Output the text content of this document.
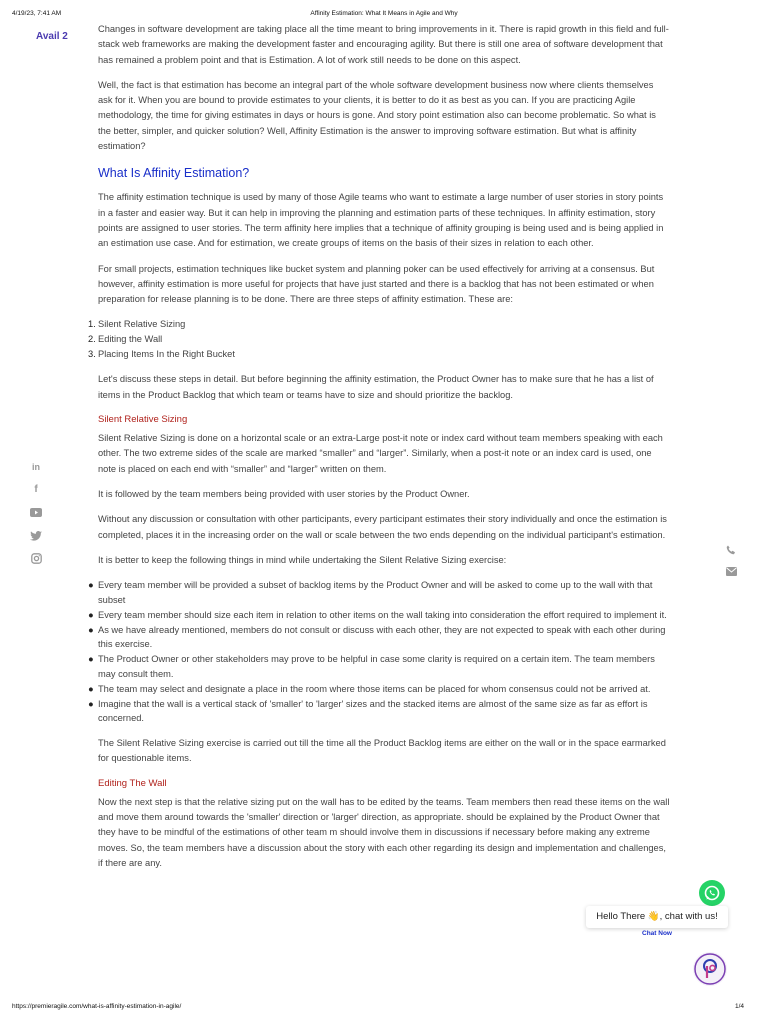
4/19/23, 7:41 AM	Affinity Estimation: What It Means in Agile and Why
Avail 2

Changes in software development are taking place all the time meant to bring improvements in it. There is rapid growth in this field and full-stack web frameworks are making the development faster and encouraging agility. But there is still one area of software development that has remained a problem point and that is Estimation. A lot of work still needs to be done on this aspect.

Well, the fact is that estimation has become an integral part of the whole software development business now where clients themselves ask for it. When you are bound to provide estimates to your clients, it is better to do it as best as you can. If you are practicing Agile methodology, the time for giving estimates in days or hours is gone. And story point estimation also can become problematic. So what is the better, simpler, and quicker solution? Well, Affinity Estimation is the answer to improving software estimation. But what is affinity estimation?

What Is Affinity Estimation?

The affinity estimation technique is used by many of those Agile teams who want to estimate a large number of user stories in story points in a faster and easier way. But it can help in improving the planning and estimation parts of these techniques. In affinity estimation, story points are assigned to user stories. The term affinity here implies that a technique of affinity grouping is being used and is being applied in an estimation use case. And for estimation, we create groups of items on the basis of their sizes in relation to each other.

For small projects, estimation techniques like bucket system and planning poker can be used effectively for arriving at a consensus. But however, affinity estimation is more useful for projects that have just started and there is a backlog that has not been estimated or when preparation for release planning is to be done. There are three steps of affinity estimation. These are:

1. Silent Relative Sizing
2. Editing the Wall
3. Placing Items In the Right Bucket

Let's discuss these steps in detail. But before beginning the affinity estimation, the Product Owner has to make sure that he has a list of items in the Product Backlog that which team or teams have to size and should prioritize the backlog.

Silent Relative Sizing

Silent Relative Sizing is done on a horizontal scale or an extra-Large post-it note or index card without team members speaking with each other. The two extreme sides of the scale are marked “smaller” and “larger”. Similarly, when a post-it note or an index card is used, one note is placed on each end with “smaller” and “larger” written on them.

It is followed by the team members being provided with user stories by the Product Owner.

Without any discussion or consultation with other participants, every participant estimates their story individually and once the estimation is completed, places it in the increasing order on the wall or scale between the two ends depending on the individual participant's estimation.

It is better to keep the following things in mind while undertaking the Silent Relative Sizing exercise:

● Every team member will be provided a subset of backlog items by the Product Owner and will be asked to come up to the wall with that subset
● Every team member should size each item in relation to other items on the wall taking into consideration the effort required to implement it.
● As we have already mentioned, members do not consult or discuss with each other, they are not expected to speak with each other during this exercise.
● The Product Owner or other stakeholders may prove to be helpful in case some clarity is required on a certain item. The team members may consult them.
● The team may select and designate a place in the room where those items can be placed for whom consensus could not be arrived at.
● Imagine that the wall is a vertical stack of 'smaller' to 'larger' sizes and the stacked items are almost of the same size as far as effort is concerned.

The Silent Relative Sizing exercise is carried out till the time all the Product Backlog items are either on the wall or in the space earmarked for questionable items.

Editing The Wall

Now the next step is that the relative sizing put on the wall has to be edited by the teams. Team members then read these items on the wall and move them around towards the 'smaller' direction or 'larger' direction, as appropriate. should be explained by the Product Owner that they have to be mindful of the estimations of other team m should involve them in discussions if necessary before making any extreme moves. So, the team members have a discussion about the story with each other regarding its design and implementation and challenges, if there are any.

in
f
Hello There 👋, chat with us!
Chat Now
https://premieragile.com/what-is-affinity-estimation-in-agile/	1/4
